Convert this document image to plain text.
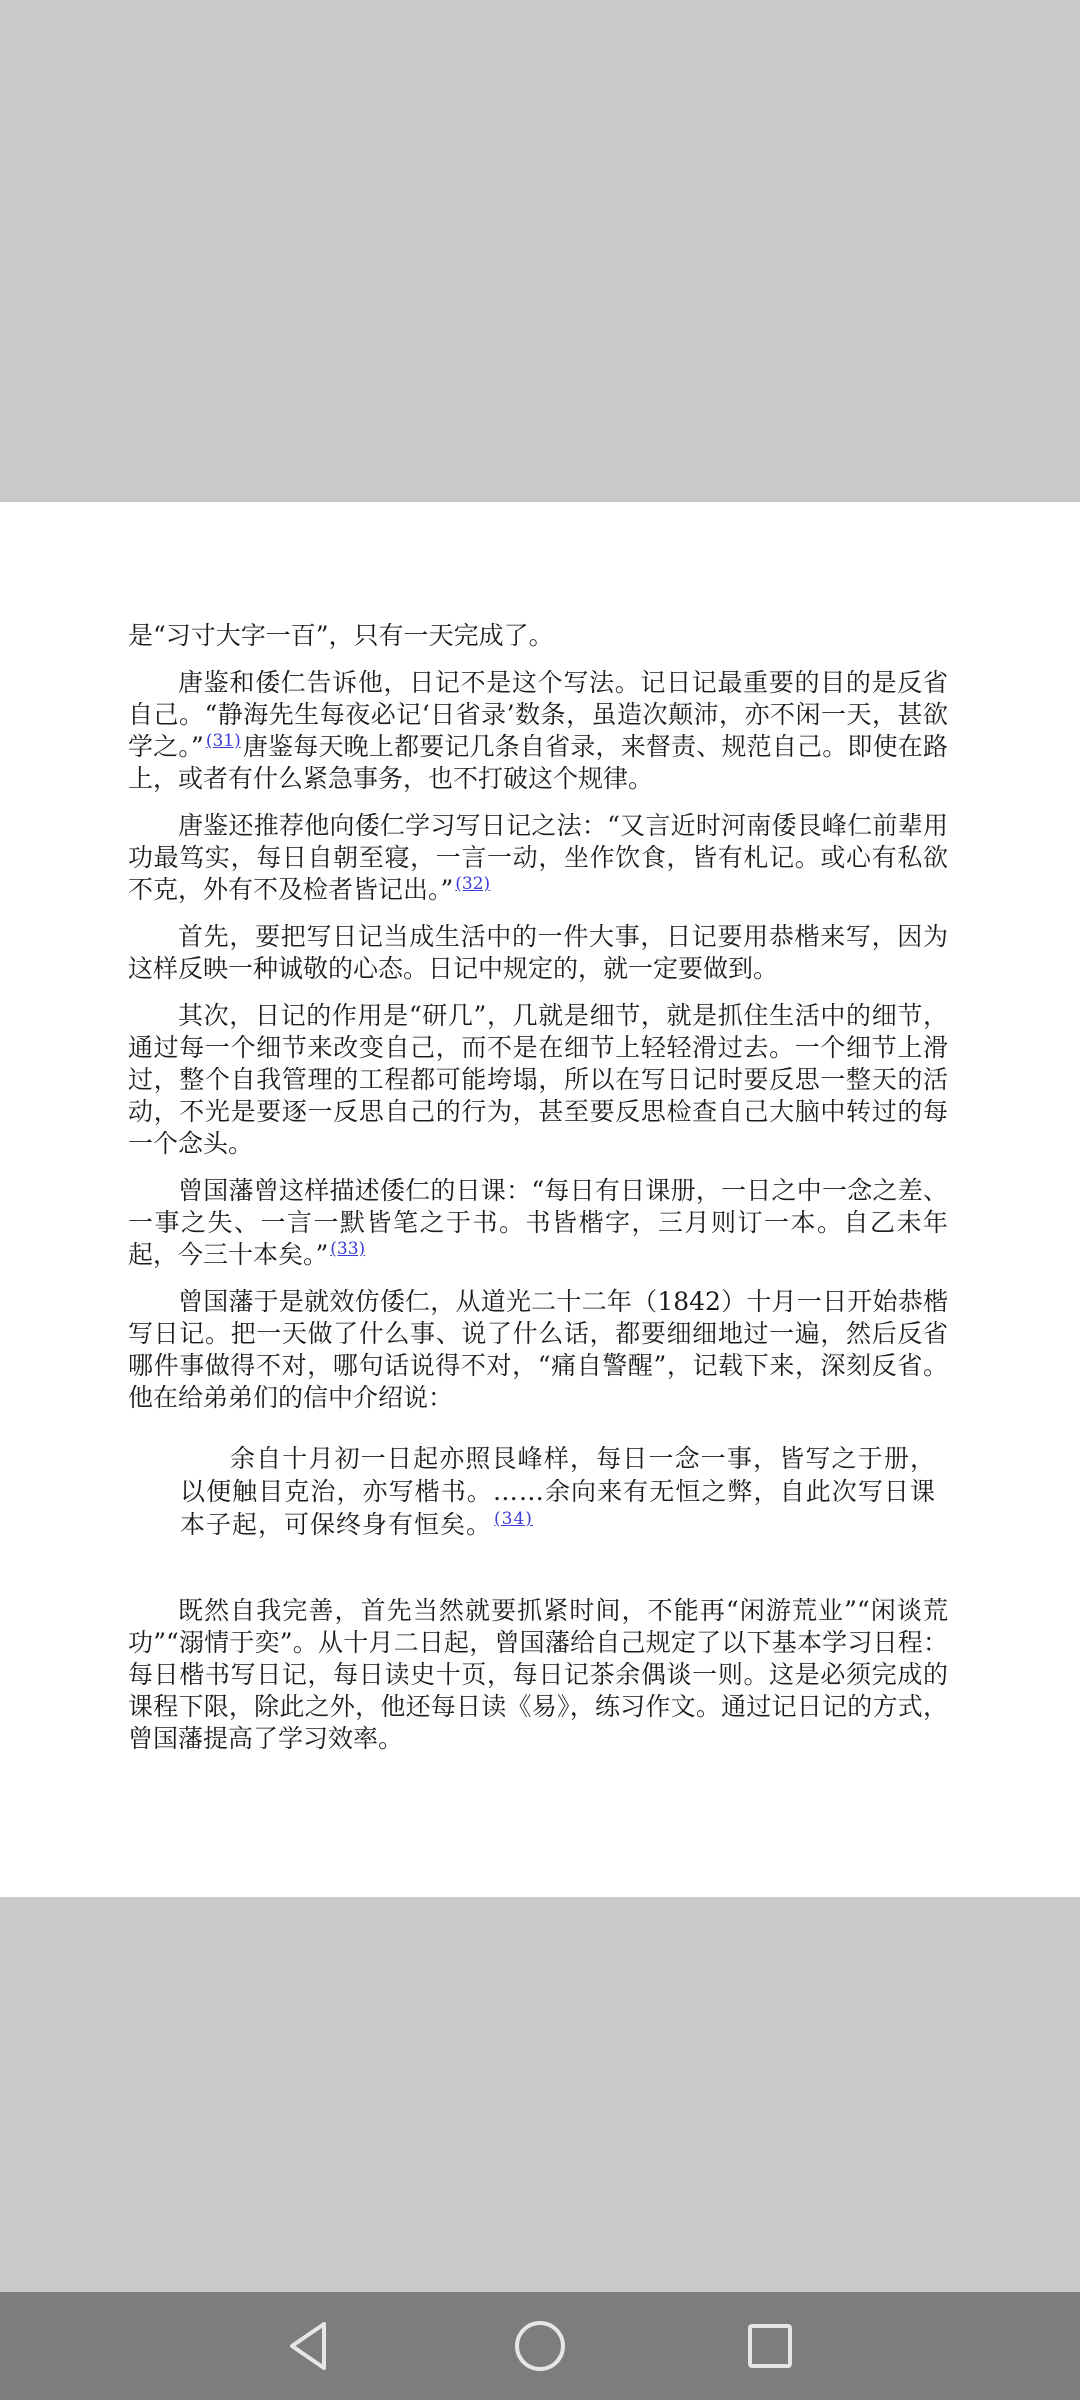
是“习寸大字一百”，只有一天完成了。

唐鉴和倭仁告诉他，日记不是这个写法。记日记最重要的目的是反省自己。“静海先生每夜必记‘日省录’数条，虽造次颠沛，亦不闲一天，甚欲学之。” $^{(31)}$唐鉴每天晚上都要记几条自省录，来督责、规范自己。即使在路上，或者有什么紧急事务，也不打破这个规律。

唐鉴还推荐他向倭仁学习写日记之法：“又言近时河南倭艮峰仁前辈用功最笃实，每日自朝至寝，一言一动，坐作饮食，皆有札记。或心有私欲不克，外有不及检者皆记出。” $^{(32)}$

首先，要把写日记当成生活中的一件大事，日记要用恭楷来写，因为这样反映一种诚敬的心态。日记中规定的，就一定要做到。

其次，日记的作用是“研几”，几就是细节，就是抓住生活中的细节，通过每一个细节来改变自己，而不是在细节上轻轻滑过去。一个细节上滑过，整个自我管理的工程都可能垮塌，所以在写日记时要反思一整天的活动，不光是要逐一反思自己的行为，甚至要反思检查自己大脑中转过的每一个念头。

曾国藩曾这样描述倭仁的日课：“每日有日课册，一日之中一念之差、一事之失、一言一默皆笔之于书。书皆楷字，三月则订一本。自乙未年起，今三十本矣。” $^{(33)}$

曾国藩于是就效仿倭仁，从道光二十二年（1842）十月一日开始恭楷写日记。把一天做了什么事、说了什么话，都要细细地过一遍，然后反省哪件事做得不对，哪句话说得不对，“痛自警醒”，记载下来，深刻反省。他在给弟弟们的信中介绍说：

余自十月初一日起亦照艮峰样，每日一念一事，皆写之于册，以便触目克治，亦写楷书。……余向来有无恒之弊，自此次写日课本子起，可保终身有恒矣。 $^{(34)}$

既然自我完善，首先当然就要抓紧时间，不能再“闲游荒业”“闲谈荒功”“溺情于奕”。从十月二日起，曾国藩给自己规定了以下基本学习日程：每日楷书写日记，每日读史十页，每日记茶余偶谈一则。这是必须完成的课程下限，除此之外，他还每日读《易》，练习作文。通过记日记的方式，曾国藩提高了学习效率。
